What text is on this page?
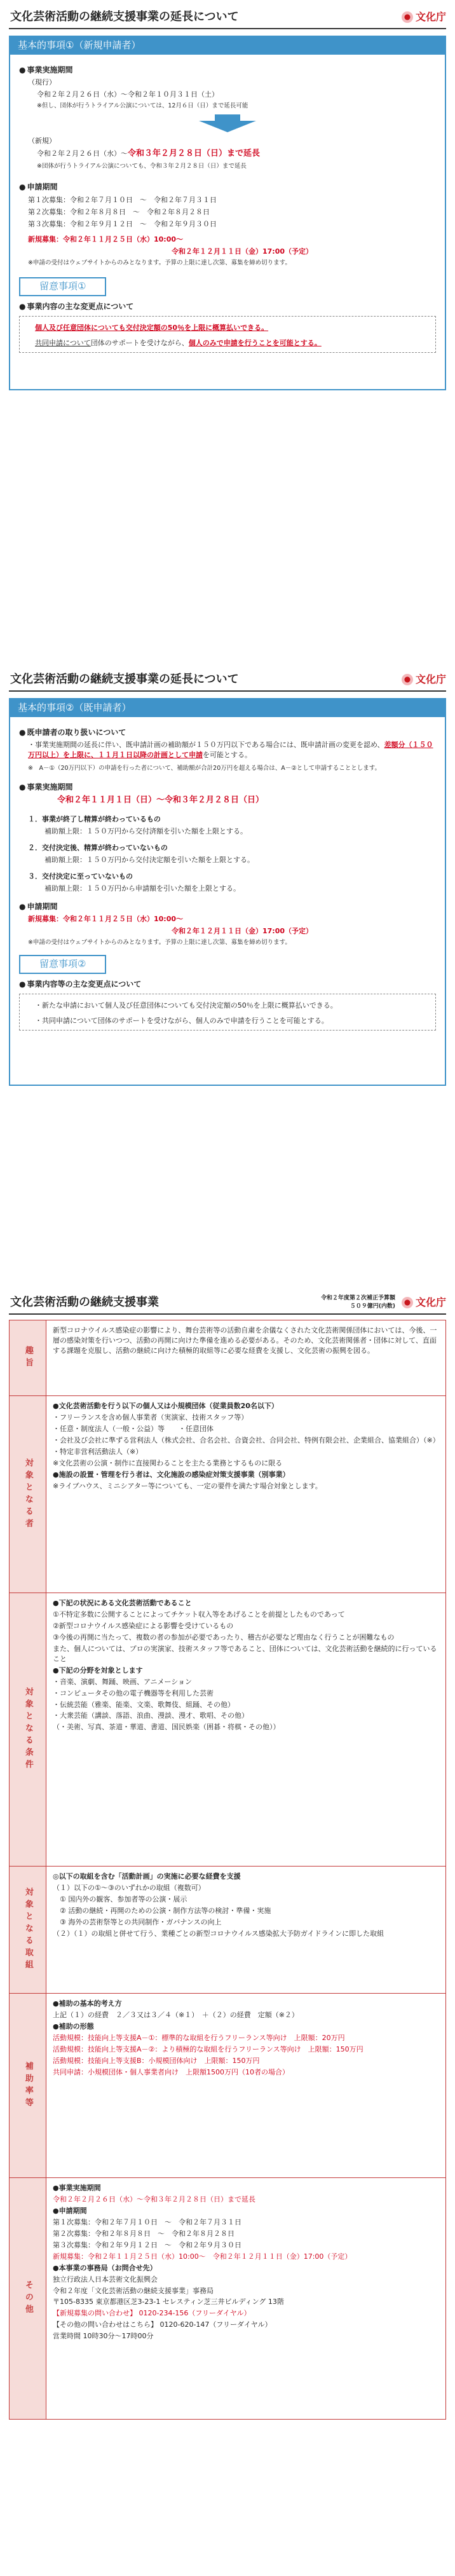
文化芸術活動の継続支援事業の延長について	文化庁
基本的事項①（新規申請者）
● 事業実施期間
（現行）
令和２年２月２６日（水）～令和２年１０月３１日（土）
※但し、団体が行うトライアル公演については、12月６日（日）まで延長可能
（新規）
令和２年２月２６日（水）～令和３年２月２８日（日）まで延長
※団体が行うトライアル公演についても、令和３年２月２８日（日）まで延長
● 申請期間
第１次募集：令和２年７月１０日　～　令和２年７月３１日
第２次募集：令和２年８月８日　～　令和２年８月２８日
第３次募集：令和２年９月１２日　～　令和２年９月３０日
新規募集：令和２年１１月２５日（水）10:00～
令和２年１２月１１日（金）17:00（予定）
※申請の受付はウェブサイトからのみとなります。予算の上限に達し次第、募集を締め切ります。
留意事項①
● 事業内容の主な変更点について
個人及び任意団体についても交付決定額の50％を上限に概算払いできる。
共同申請について団体のサポートを受けながら、個人のみで申請を行うことを可能とする。
文化芸術活動の継続支援事業の延長について	文化庁
基本的事項②（既申請者）
● 既申請者の取り扱いについて
・事業実施期間の延長に伴い、既申請計画の補助額が１５０万円以下である場合には、既申請計画の変更を認め、差額分（１５０万円以上）を上限に、１１月１日以降の計画として申請を可能とする。
※　A－①（20万円以下）の申請を行った者について、補助額が合計20万円を超える場合は、A－②として申請することとします。
● 事業実施期間
令和２年１１月１日（日）～令和３年２月２８日（日）
１．事業が終了し精算が終わっているもの
補助額上限：１５０万円から交付済額を引いた額を上限とする。
２．交付決定後、精算が終わっていないもの
補助額上限：１５０万円から交付決定額を引いた額を上限とする。
３．交付決定に至っていないもの
補助額上限：１５０万円から申請額を引いた額を上限とする。
● 申請期間
新規募集：令和２年１１月２５日（水）10:00～
令和２年１２月１１日（金）17:00（予定）
※申請の受付はウェブサイトからのみとなります。予算の上限に達し次第、募集を締め切ります。
留意事項②
● 事業内容等の主な変更点について
・新たな申請において個人及び任意団体についても交付決定額の50％を上限に概算払いできる。
・共同申請について団体のサポートを受けながら、個人のみで申請を行うことを可能とする。
文化芸術活動の継続支援事業	令和２年度第２次補正予算額
５０９億円(内数) 文化庁
趣旨
新型コロナウイルス感染症の影響により、舞台芸術等の活動自粛を余儀なくされた文化芸術関係団体においては、今後、一層の感染対策を行いつつ、活動の再開に向けた準備を進める必要がある。そのため、文化芸術関係者・団体に対して、直面する課題を克服し、活動の継続に向けた積極的取組等に必要な経費を支援し、文化芸術の振興を図る。
対象となる者
●文化芸術活動を行う以下の個人又は小規模団体（従業員数20名以下）
・フリーランスを含め個人事業者（実演家、技術スタッフ等）
・任意・制度法人（一般・公益）等　　・任意団体
・会社及び会社に準ずる営利法人（株式会社、合名会社、合資会社、合同会社、特例有限会社、企業組合、協業組合）（※）
・特定非営利活動法人（※）
※文化芸術の公演・制作に直接関わることを主たる業務とするものに限る
●施設の設置・管理を行う者は、文化施設の感染症対策支援事業（別事業）
※ライブハウス、ミニシアター等についても、一定の要件を満たす場合対象とします。
対象となる条件
●下記の状況にある文化芸術活動であること
①不特定多数に公開することによってチケット収入等をあげることを前提としたものであって
②新型コロナウイルス感染症による影響を受けているもの
③今後の再開に当たって、複数の者の参加が必要であったり、稽古が必要など理由なく行うことが困難なもの
また、個人については、プロの実演家、技術スタッフ等であること、団体については、文化芸術活動を継続的に行っていること
●下記の分野を対象とします
・音楽、演劇、舞踊、映画、アニメーション
・コンピュータその他の電子機器等を利用した芸術
・伝統芸能（雅楽、能楽、文楽、歌舞伎、組踊、その他）
・大衆芸能（講談、落語、浪曲、漫談、漫才、歌唱、その他）
（・美術、写真、茶道・華道、書道、国民娯楽（囲碁・将棋・その他））
対象となる取組
◎以下の取組を含む「活動計画」の実施に必要な経費を支援
（１）以下の①～③のいずれかの取組（複数可）
　① 国内外の観客、参加者等の公演・展示
　② 活動の継続・再開のための公演・制作方法等の検討・準備・実施
　③ 海外の芸術祭等との共同制作・ガバナンスの向上
（２）（１）の取組と併せて行う、業種ごとの新型コロナウイルス感染拡大予防ガイドラインに即した取組
補助率等
●補助の基本的考え方
上記（１）の経費　２／３又は３／４（※１）　＋（２）の経費　定額（※２）
●補助の形態
活動規模：技能向上等支援A－①：標準的な取組を行うフリーランス等向け　上限額：20万円
活動規模：技能向上等支援A－②：より積極的な取組を行うフリーランス等向け　上限額：150万円
活動規模：技能向上等支援B：小規模団体向け　上限額：150万円
共同申請：小規模団体・個人事業者向け　上限額1500万円（10者の場合）
その他
●事業実施期間
令和２年２月２６日（水）～令和３年２月２８日（日）まで延長
●申請期間
第１次募集：令和２年７月１０日　～　令和２年７月３１日
第２次募集：令和２年８月８日　～　令和２年８月２８日
第３次募集：令和２年９月１２日　～　令和２年９月３０日
新規募集：令和２年１１月２５日（水）10:00～　令和２年１２月１１日（金）17:00（予定）
●本事業の事務局（お問合せ先）
独立行政法人日本芸術文化振興会
令和２年度「文化芸術活動の継続支援事業」事務局
〒105-8335 東京都港区芝3-23-1 セレスティン芝三井ビルディング 13階
【新規募集の問い合わせ】 0120-234-156（フリーダイヤル）
【その他の問い合わせはこちら】 0120-620-147（フリーダイヤル）
営業時間 10時30分～17時00分
